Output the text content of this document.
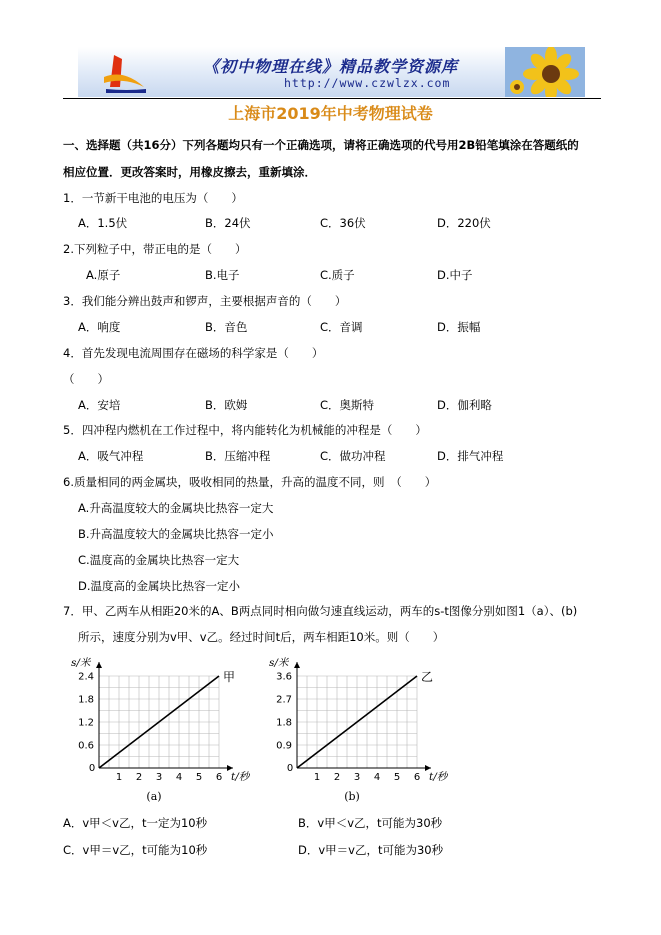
《初中物理在线》精品教学资源库
http://www.czwlzx.com
上海市2019年中考物理试卷
一、选择题（共16分）下列各题均只有一个正确选项，请将正确选项的代号用2B铅笔填涂在答题纸的
相应位置．更改答案时，用橡皮擦去，重新填涂．
1．一节新干电池的电压为（　　）
A．1.5伏	B．24伏	C．36伏	D．220伏
2.下列粒子中，带正电的是（　　）
A.原子	B.电子	C.质子	D.中子
3．我们能分辨出鼓声和锣声，主要根据声音的（　　）
A．响度	B．音色	C．音调	D．振幅
4．首先发现电流周围存在磁场的科学家是（　　）
（　　）
A．安培	B．欧姆	C．奥斯特	D．伽利略
5．四冲程内燃机在工作过程中，将内能转化为机械能的冲程是（　　）
A．吸气冲程	B．压缩冲程	C．做功冲程	D．排气冲程
6.质量相同的两金属块，吸收相同的热量，升高的温度不同，则　（　　）
A.升高温度较大的金属块比热容一定大
B.升高温度较大的金属块比热容一定小
C.温度高的金属块比热容一定大
D.温度高的金属块比热容一定小
7．甲、乙两车从相距20米的A、B两点同时相向做匀速直线运动，两车的s-t图像分别如图1（a）、(b)
所示，速度分别为v甲、v乙。经过时间t后，两车相距10米。则（　　）
0
1 2 3 4 5 6
0.6
1.2
1.8
2.4
s/米
t/秒
甲
(a)
0
1 2 3 4 5 6
0.9
1.8
2.7
3.6
s/米
t/秒
乙
(b)
A．v甲＜v乙，t一定为10秒	B．v甲＜v乙，t可能为30秒
C．v甲＝v乙，t可能为10秒	D．v甲＝v乙，t可能为30秒
